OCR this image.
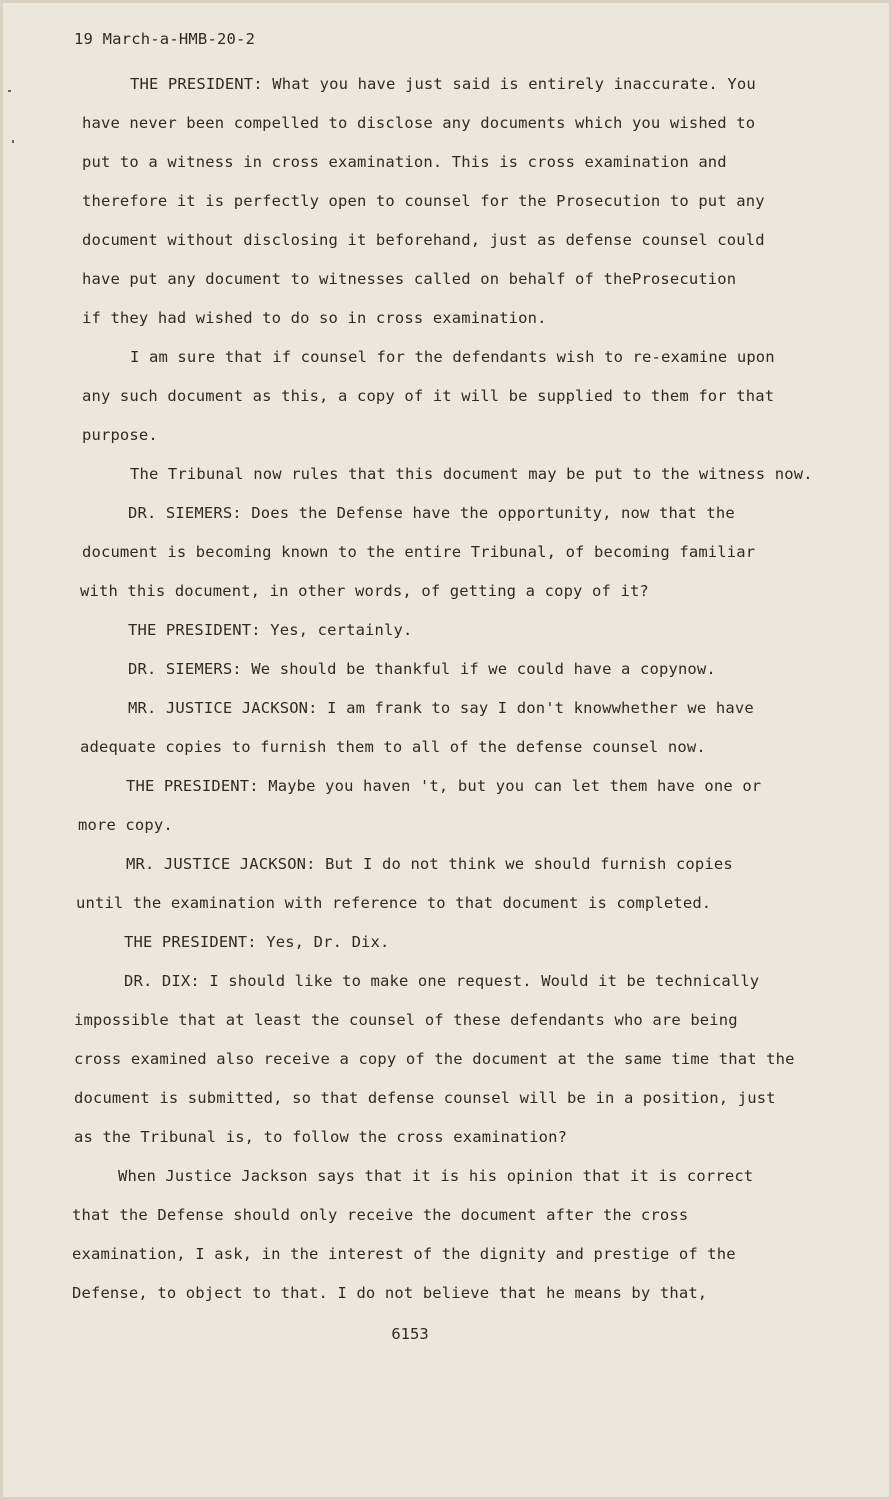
19 March-a-HMB-20-2
THE PRESIDENT: What you have just said is entirely inaccurate. You
have never been compelled to disclose any documents which you wished to
put to a witness in cross examination. This is cross examination and
therefore it is perfectly open to counsel for the Prosecution to put any
document without disclosing it beforehand, just as defense counsel could
have put any document to witnesses called on behalf of theProsecution
if they had wished to do so in cross examination.
I am sure that if counsel for the defendants wish to re-examine upon
any such document as this, a copy of it will be supplied to them for that
purpose.
The Tribunal now rules that this document may be put to the witness now.
DR. SIEMERS: Does the Defense have the opportunity, now that the
document is becoming known to the entire Tribunal, of becoming familiar
with this document, in other words, of getting a copy of it?
THE PRESIDENT: Yes, certainly.
DR. SIEMERS: We should be thankful if we could have a copynow.
MR. JUSTICE JACKSON: I am frank to say I don't knowwhether we have
adequate copies to furnish them to all of the defense counsel now.
THE PRESIDENT: Maybe you haven 't, but you can let them have one or
more copy.
MR. JUSTICE JACKSON: But I do not think we should furnish copies
until the examination with reference to that document is completed.
THE PRESIDENT: Yes, Dr. Dix.
DR. DIX: I should like to make one request. Would it be technically
impossible that at least the counsel of these defendants who are being
cross examined also receive a copy of the document at the same time that the
document is submitted, so that defense counsel will be in a position, just
as the Tribunal is, to follow the cross examination?
When Justice Jackson says that it is his opinion that it is correct
that the Defense should only receive the document after the cross
examination, I ask, in the interest of the dignity and prestige of the
Defense, to object to that. I do not believe that he means by that,
6153
